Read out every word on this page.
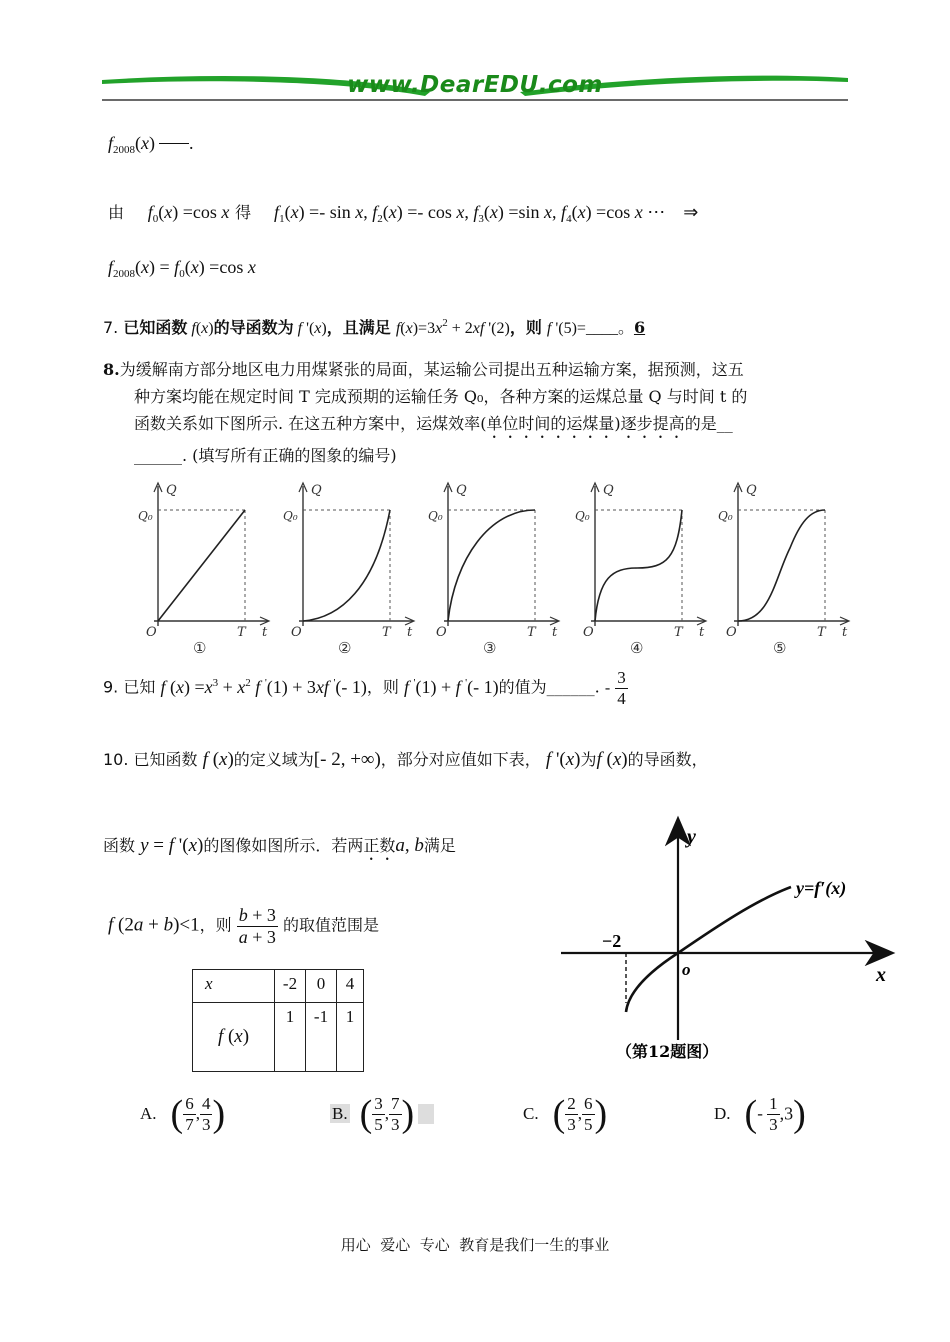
www.DearEDU.com
$f_{2008}(x)$ .
由 $f_0(x) =\cos$ x 得 $f_1(x) =- \sin x$, $f_2(x) =- \cos x$, $f_3(x) =\sin$ x, $f_4(x) =\cos$ x ⋯    ⇒
$f_{2008}(x) = f_0(x) =\cos$ x
7. 已知函数 f(x)的导函数为 f '(x)，且满足 $f(x)=3x^2 + 2xf$ '(2)，则 f '(5)=____。6
8.为缓解南方部分地区电力用煤紧张的局面，某运输公司提出五种运输方案，据预测，这五
种方案均能在规定时间 T 完成预期的运输任务 Q₀，各种方案的运煤总量 Q 与时间 t 的
函数关系如下图所示. 在这五种方案中，运煤效率(单位时间的运煤量)逐步提高的是__
______. (填写所有正确的图象的编号)
Q
Q₀
O	T t
①
Q
Q₀
O	T t
②
Q
Q₀
O	T t
③
Q
Q₀
O	T t
④
Q
Q₀
O	T t
⑤
9. 已知 f $(x) =x^3 + x^2$ f '(1) + 3xf '(- 1)，则 f '(1) + f '(- 1)的值为______. - $\frac{3}{4}$
10. 已知函数 f (x)的定义域为[- 2, +∞)，部分对应值如下表， f '(x)为f (x)的导函数，
函数 y = f '(x)的图像如图所示．若两正数a, b满足
f (2a + b)<1，则 $\frac{b + 3}{a + 3}$ 的取值范围是
x	-2	0	4
f (x)	1	-1	1
y
x
o
−2
y=f′(x)
（第12题图）
A. ( $\frac{6}{7}$ , $\frac{4}{3}$ )	B. ( $\frac{3}{5}$ , $\frac{7}{3}$ )	C. ( $\frac{2}{3}$ , $\frac{6}{5}$ )	D. (- $\frac{1}{3} ,3$)
用心  爱心  专心  教育是我们一生的事业
